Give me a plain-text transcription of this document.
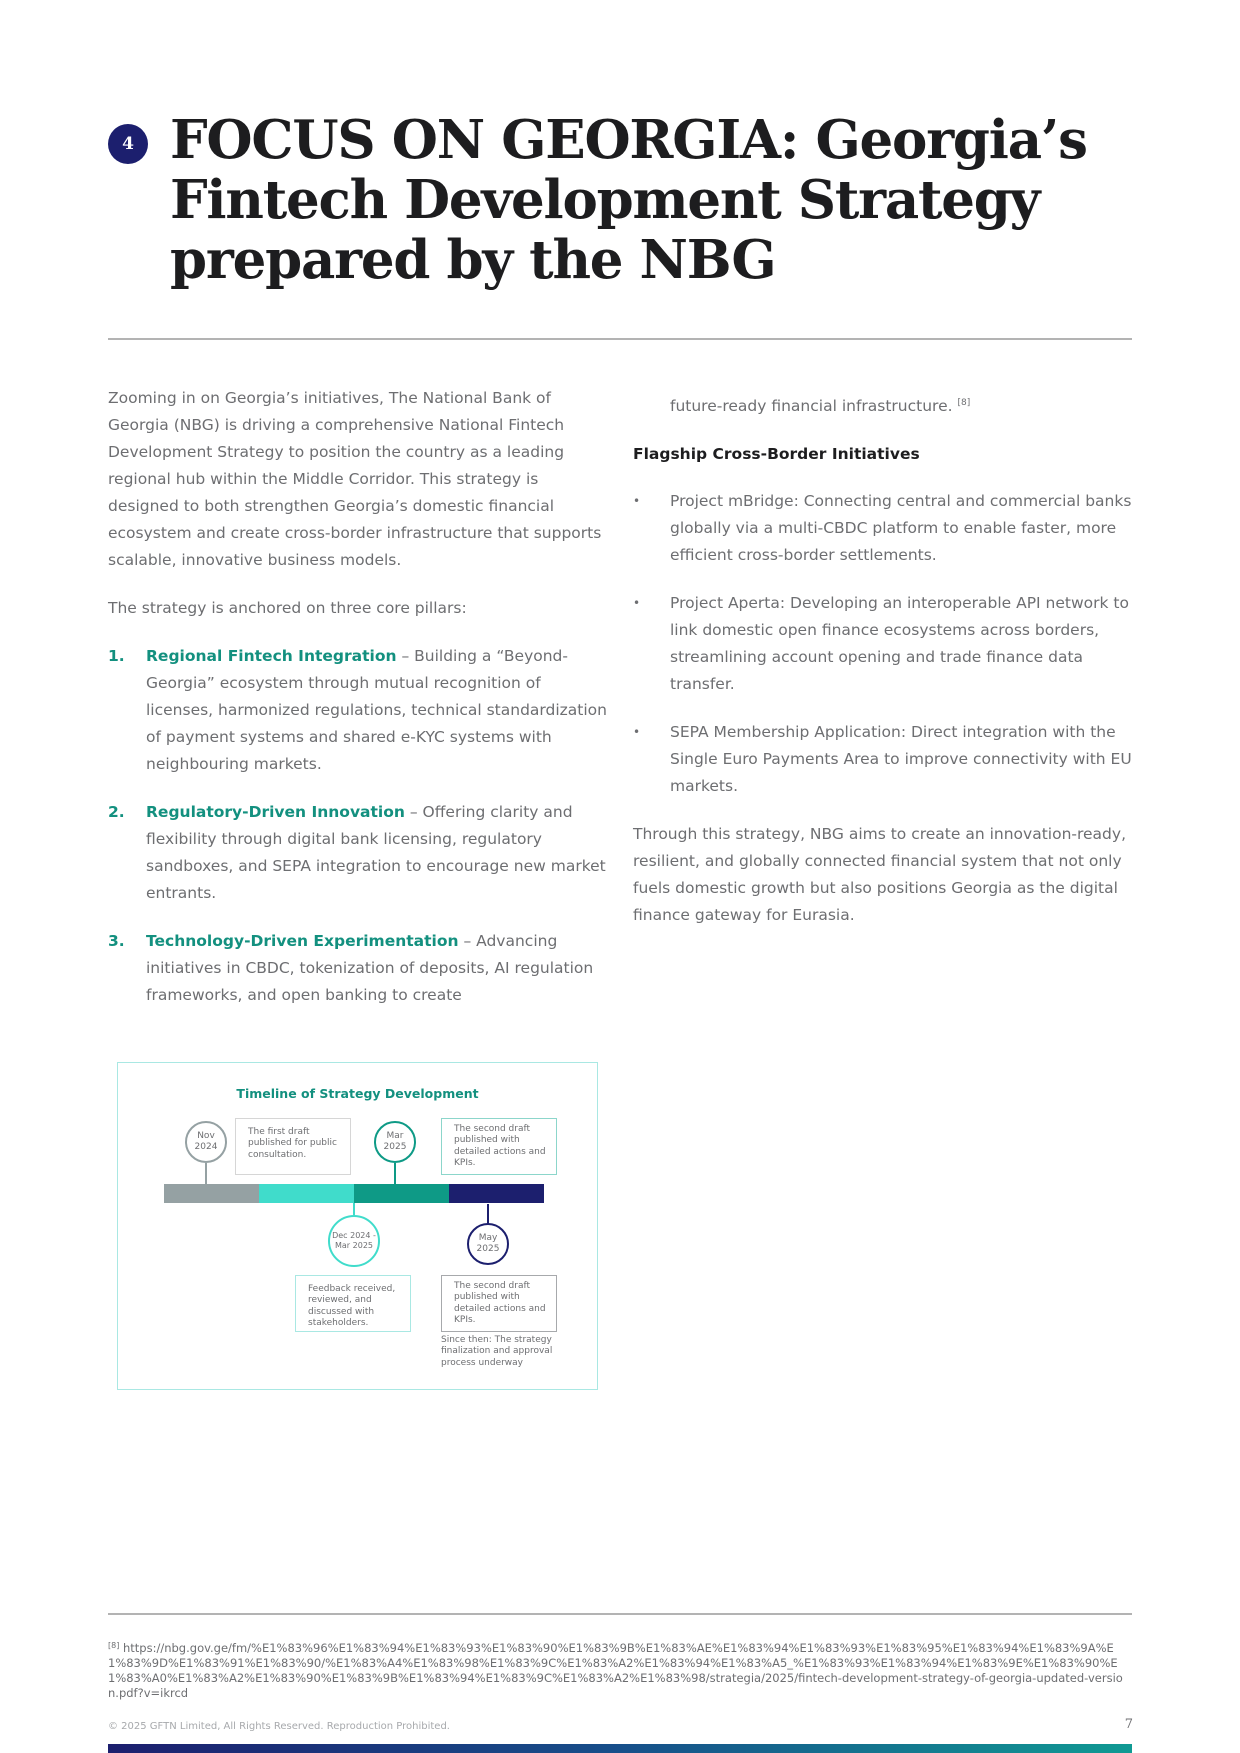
4 FOCUS ON GEORGIA: Georgia’s Fintech Development Strategy prepared by the NBG

Zooming in on Georgia’s initiatives, The National Bank of Georgia (NBG) is driving a comprehensive National Fintech Development Strategy to position the country as a leading regional hub within the Middle Corridor. This strategy is designed to both strengthen Georgia’s domestic financial ecosystem and create cross-border infrastructure that supports scalable, innovative business models.

The strategy is anchored on three core pillars:

1.	Regional Fintech Integration – Building a “Beyond-Georgia” ecosystem through mutual recognition of licenses, harmonized regulations, technical standardization of payment systems and shared e-KYC systems with neighbouring markets.
2.	Regulatory-Driven Innovation – Offering clarity and flexibility through digital bank licensing, regulatory sandboxes, and SEPA integration to encourage new market entrants.
3.	Technology-Driven Experimentation – Advancing initiatives in CBDC, tokenization of deposits, AI regulation frameworks, and open banking to create
future-ready financial infrastructure. [8]
Flagship Cross-Border Initiatives
•	Project mBridge: Connecting central and commercial banks globally via a multi-CBDC platform to enable faster, more efficient cross-border settlements.
•	Project Aperta: Developing an interoperable API network to link domestic open finance ecosystems across borders, streamlining account opening and trade finance data transfer.
•	SEPA Membership Application: Direct integration with the Single Euro Payments Area to improve connectivity with EU markets.

Through this strategy, NBG aims to create an innovation-ready, resilient, and globally connected financial system that not only fuels domestic growth but also positions Georgia as the digital finance gateway for Eurasia.

Timeline of Strategy Development
Nov
2024
The first draft published for public consultation.
Dec 2024 -
Mar 2025
Feedback received, reviewed, and discussed with stakeholders.
Mar
2025
The second draft published with detailed actions and KPIs.
May
2025
The second draft published with detailed actions and KPIs.
Since then: The strategy finalization and approval process underway
[8] https://nbg.gov.ge/fm/%E1%83%96%E1%83%94%E1%83%93%E1%83%90%E1%83%9B%E1%83%AE%E1%83%94%E1%83%93%E1%83%95%E1%83%94%E1%83%9A%E1%83%9D%E1%83%91%E1%83%90/%E1%83%A4%E1%83%98%E1%83%9C%E1%83%A2%E1%83%94%E1%83%A5_%E1%83%93%E1%83%94%E1%83%9E%E1%83%90%E1%83%A0%E1%83%A2%E1%83%90%E1%83%9B%E1%83%94%E1%83%9C%E1%83%A2%E1%83%98/strategia/2025/fintech-development-strategy-of-georgia-updated-version.pdf?v=ikrcd
© 2025 GFTN Limited, All Rights Reserved. Reproduction Prohibited.	7
